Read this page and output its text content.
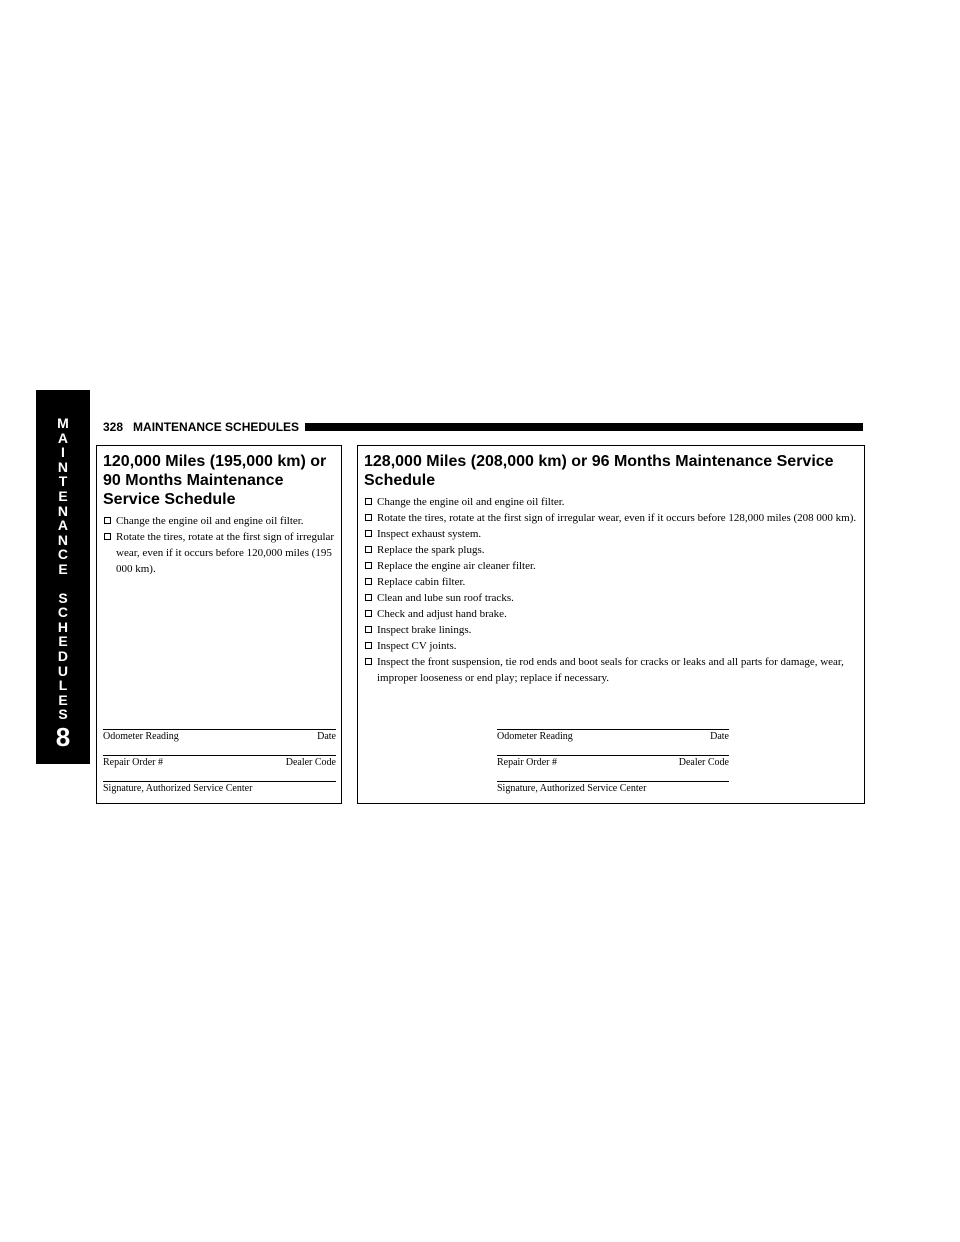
M
A
I
N
T
E
N
A
N
C
E
S
C
H
E
D
U
L
E
S
8
328 MAINTENANCE SCHEDULES
120,000 Miles (195,000 km) or 90 Months Maintenance Service Schedule
Change the engine oil and engine oil filter.
Rotate the tires, rotate at the first sign of irregular wear, even if it occurs before 120,000 miles (195 000 km).
Odometer Reading	Date
Repair Order #	Dealer Code
Signature, Authorized Service Center
128,000 Miles (208,000 km) or 96 Months Maintenance Service Schedule
Change the engine oil and engine oil filter.
Rotate the tires, rotate at the first sign of irregular wear, even if it occurs before 128,000 miles (208 000 km).
Inspect exhaust system.
Replace the spark plugs.
Replace the engine air cleaner filter.
Replace cabin filter.
Clean and lube sun roof tracks.
Check and adjust hand brake.
Inspect brake linings.
Inspect CV joints.
Inspect the front suspension, tie rod ends and boot seals for cracks or leaks and all parts for damage, wear, improper looseness or end play; replace if necessary.
Odometer Reading	Date
Repair Order #	Dealer Code
Signature, Authorized Service Center
